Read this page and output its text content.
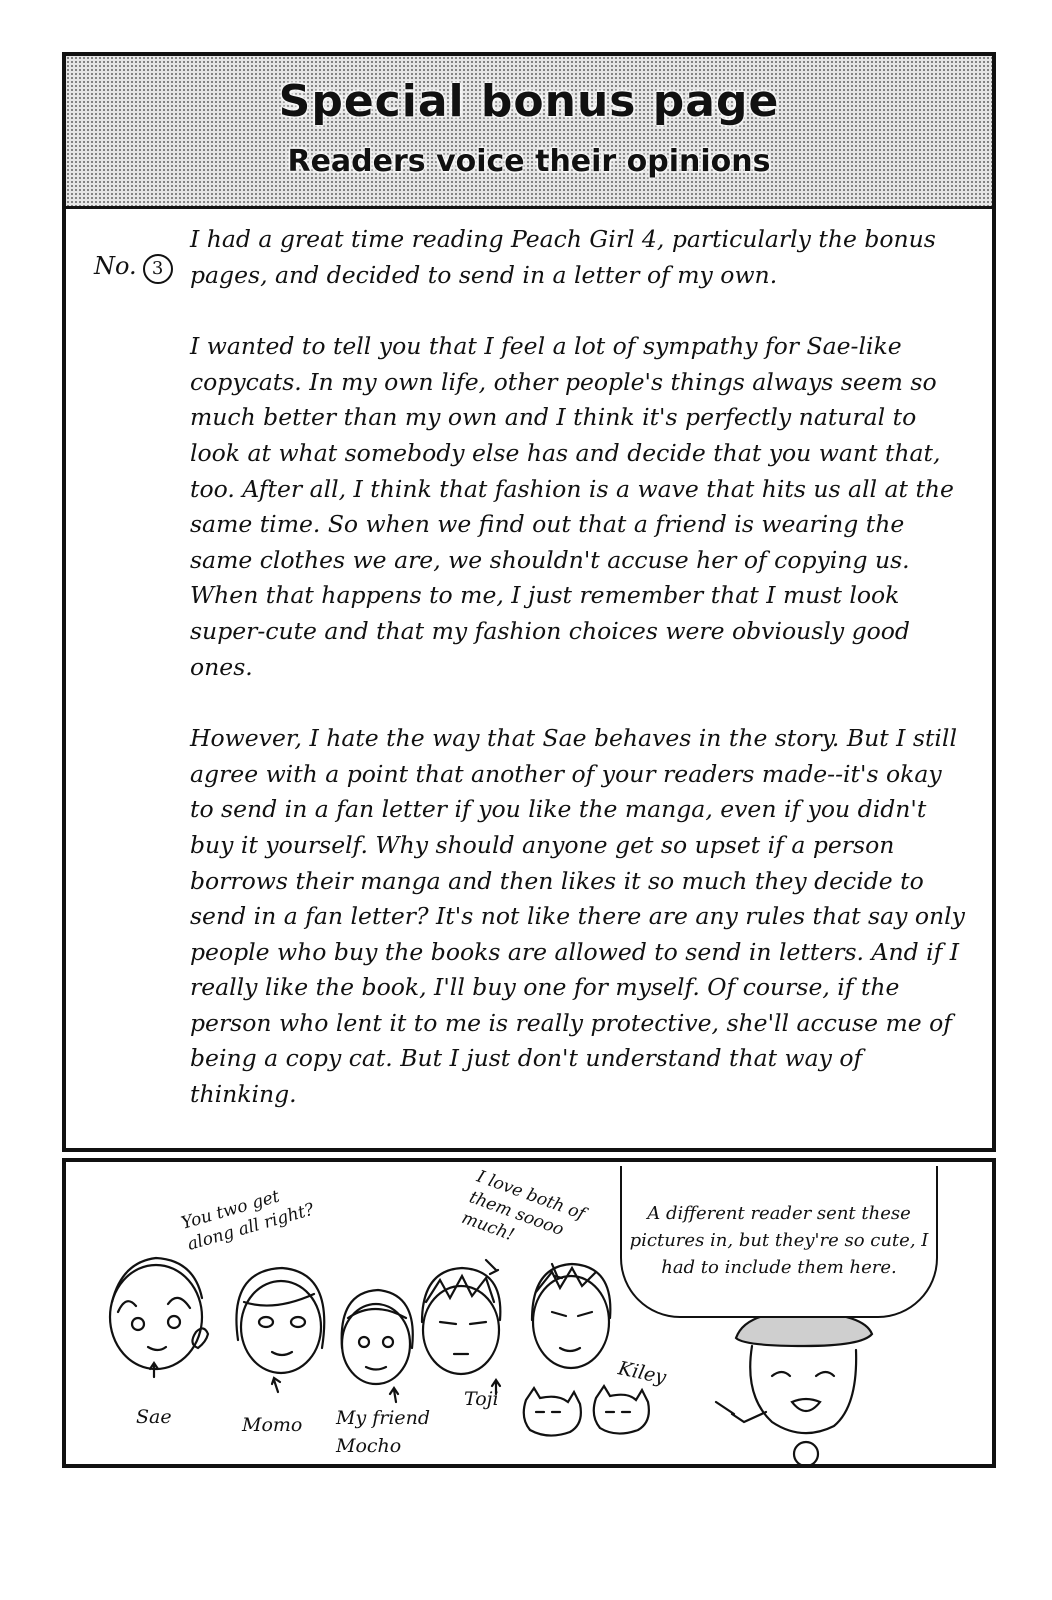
Special bonus page
Readers voice their opinions
No. 3

I had a great time reading Peach Girl 4, particularly the bonus pages, and decided to send in a letter of my own.

I wanted to tell you that I feel a lot of sympathy for Sae-like copycats. In my own life, other people's things always seem so much better than my own and I think it's perfectly natural to look at what somebody else has and decide that you want that, too. After all, I think that fashion is a wave that hits us all at the same time. So when we find out that a friend is wearing the same clothes we are, we shouldn't accuse her of copying us. When that happens to me, I just remember that I must look super-cute and that my fashion choices were obviously good ones.

However, I hate the way that Sae behaves in the story. But I still agree with a point that another of your readers made--it's okay to send in a fan letter if you like the manga, even if you didn't buy it yourself. Why should anyone get so upset if a person borrows their manga and then likes it so much they decide to send in a fan letter? It's not like there are any rules that say only people who buy the books are allowed to send in letters. And if I really like the book, I'll buy one for myself. Of course, if the person who lent it to me is really protective, she'll accuse me of being a copy cat. But I just don't understand that way of thinking.

You two get along all right?
I love both of them soooo much!
Sae	Momo My friend Mocho
Toji
Kiley
A different reader sent these pictures in, but they're so cute, I had to include them here.
